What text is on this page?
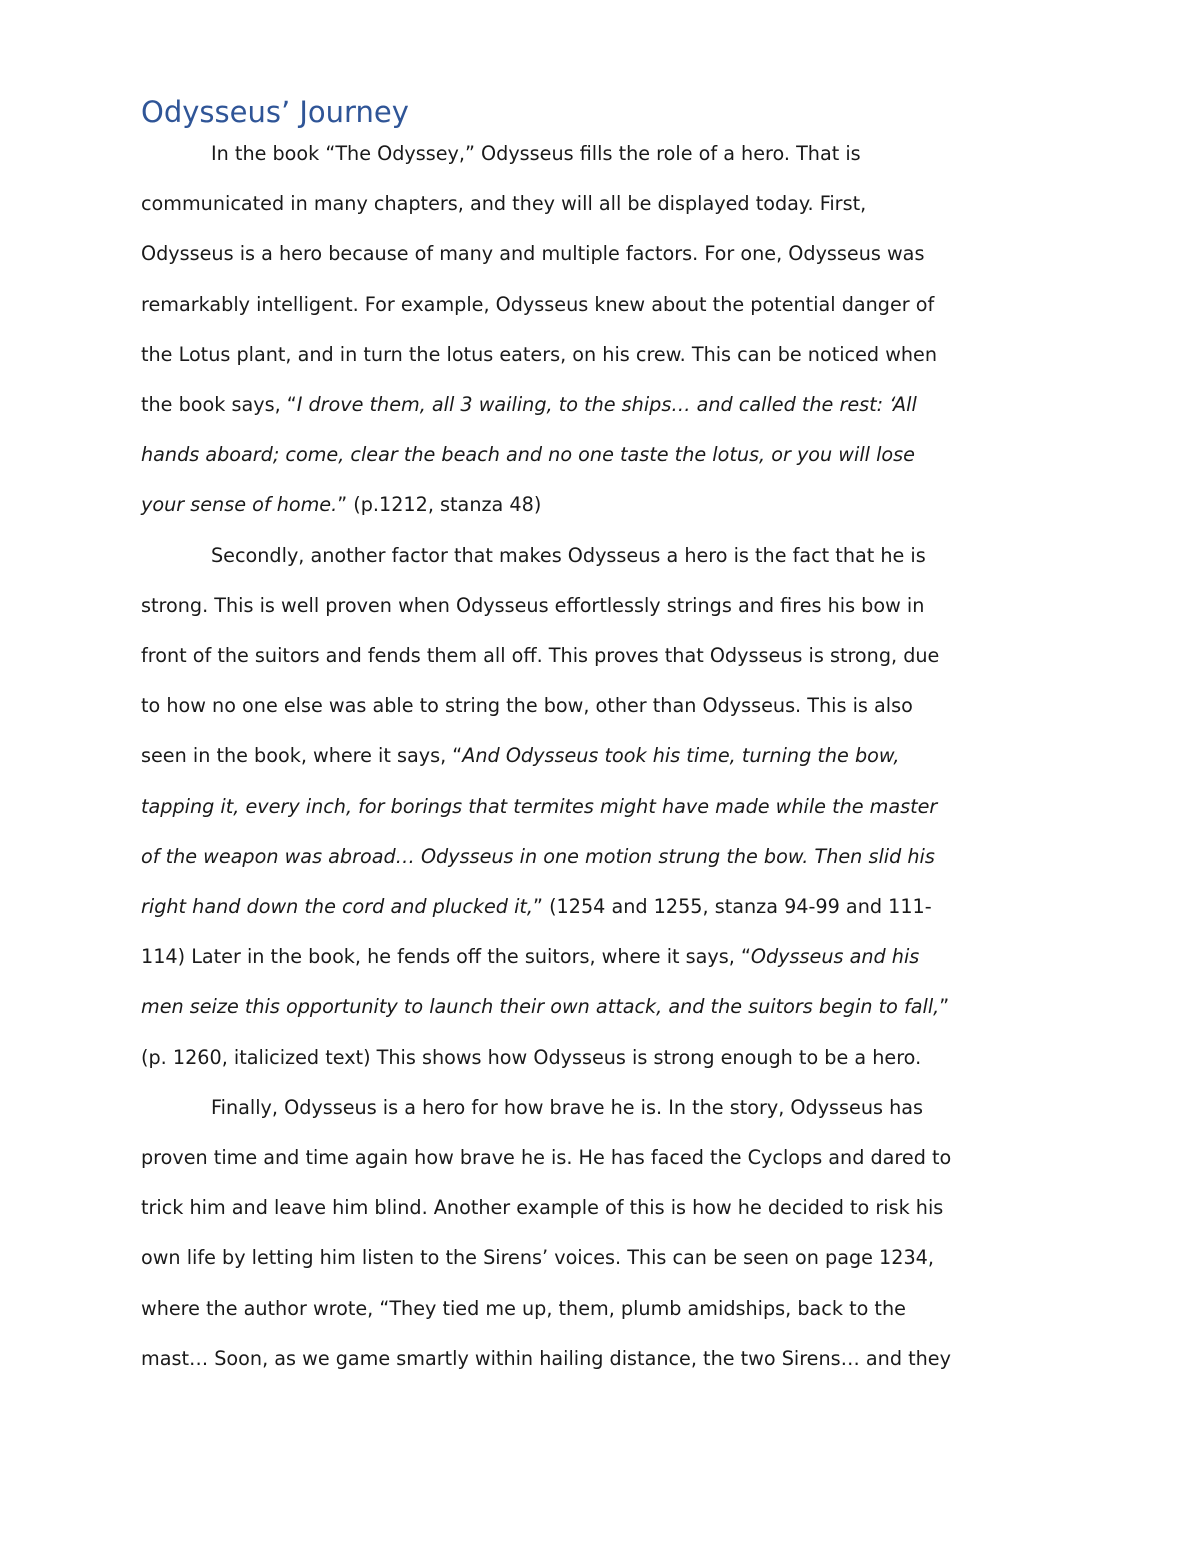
Odysseus’ Journey

In the book “The Odyssey,” Odysseus fills the role of a hero. That is

communicated in many chapters, and they will all be displayed today. First,

Odysseus is a hero because of many and multiple factors. For one, Odysseus was

remarkably intelligent. For example, Odysseus knew about the potential danger of

the Lotus plant, and in turn the lotus eaters, on his crew. This can be noticed when

the book says, “I drove them, all 3 wailing, to the ships… and called the rest: ‘All

hands aboard; come, clear the beach and no one taste the lotus, or you will lose

your sense of home.” (p.1212, stanza 48)

Secondly, another factor that makes Odysseus a hero is the fact that he is

strong. This is well proven when Odysseus effortlessly strings and fires his bow in

front of the suitors and fends them all off. This proves that Odysseus is strong, due

to how no one else was able to string the bow, other than Odysseus. This is also

seen in the book, where it says, “And Odysseus took his time, turning the bow,

tapping it, every inch, for borings that termites might have made while the master

of the weapon was abroad… Odysseus in one motion strung the bow. Then slid his

right hand down the cord and plucked it,” (1254 and 1255, stanza 94-99 and 111-

114) Later in the book, he fends off the suitors, where it says, “Odysseus and his

men seize this opportunity to launch their own attack, and the suitors begin to fall,”

(p. 1260, italicized text) This shows how Odysseus is strong enough to be a hero.

Finally, Odysseus is a hero for how brave he is. In the story, Odysseus has

proven time and time again how brave he is. He has faced the Cyclops and dared to

trick him and leave him blind. Another example of this is how he decided to risk his

own life by letting him listen to the Sirens’ voices. This can be seen on page 1234,

where the author wrote, “They tied me up, them, plumb amidships, back to the

mast… Soon, as we game smartly within hailing distance, the two Sirens… and they
